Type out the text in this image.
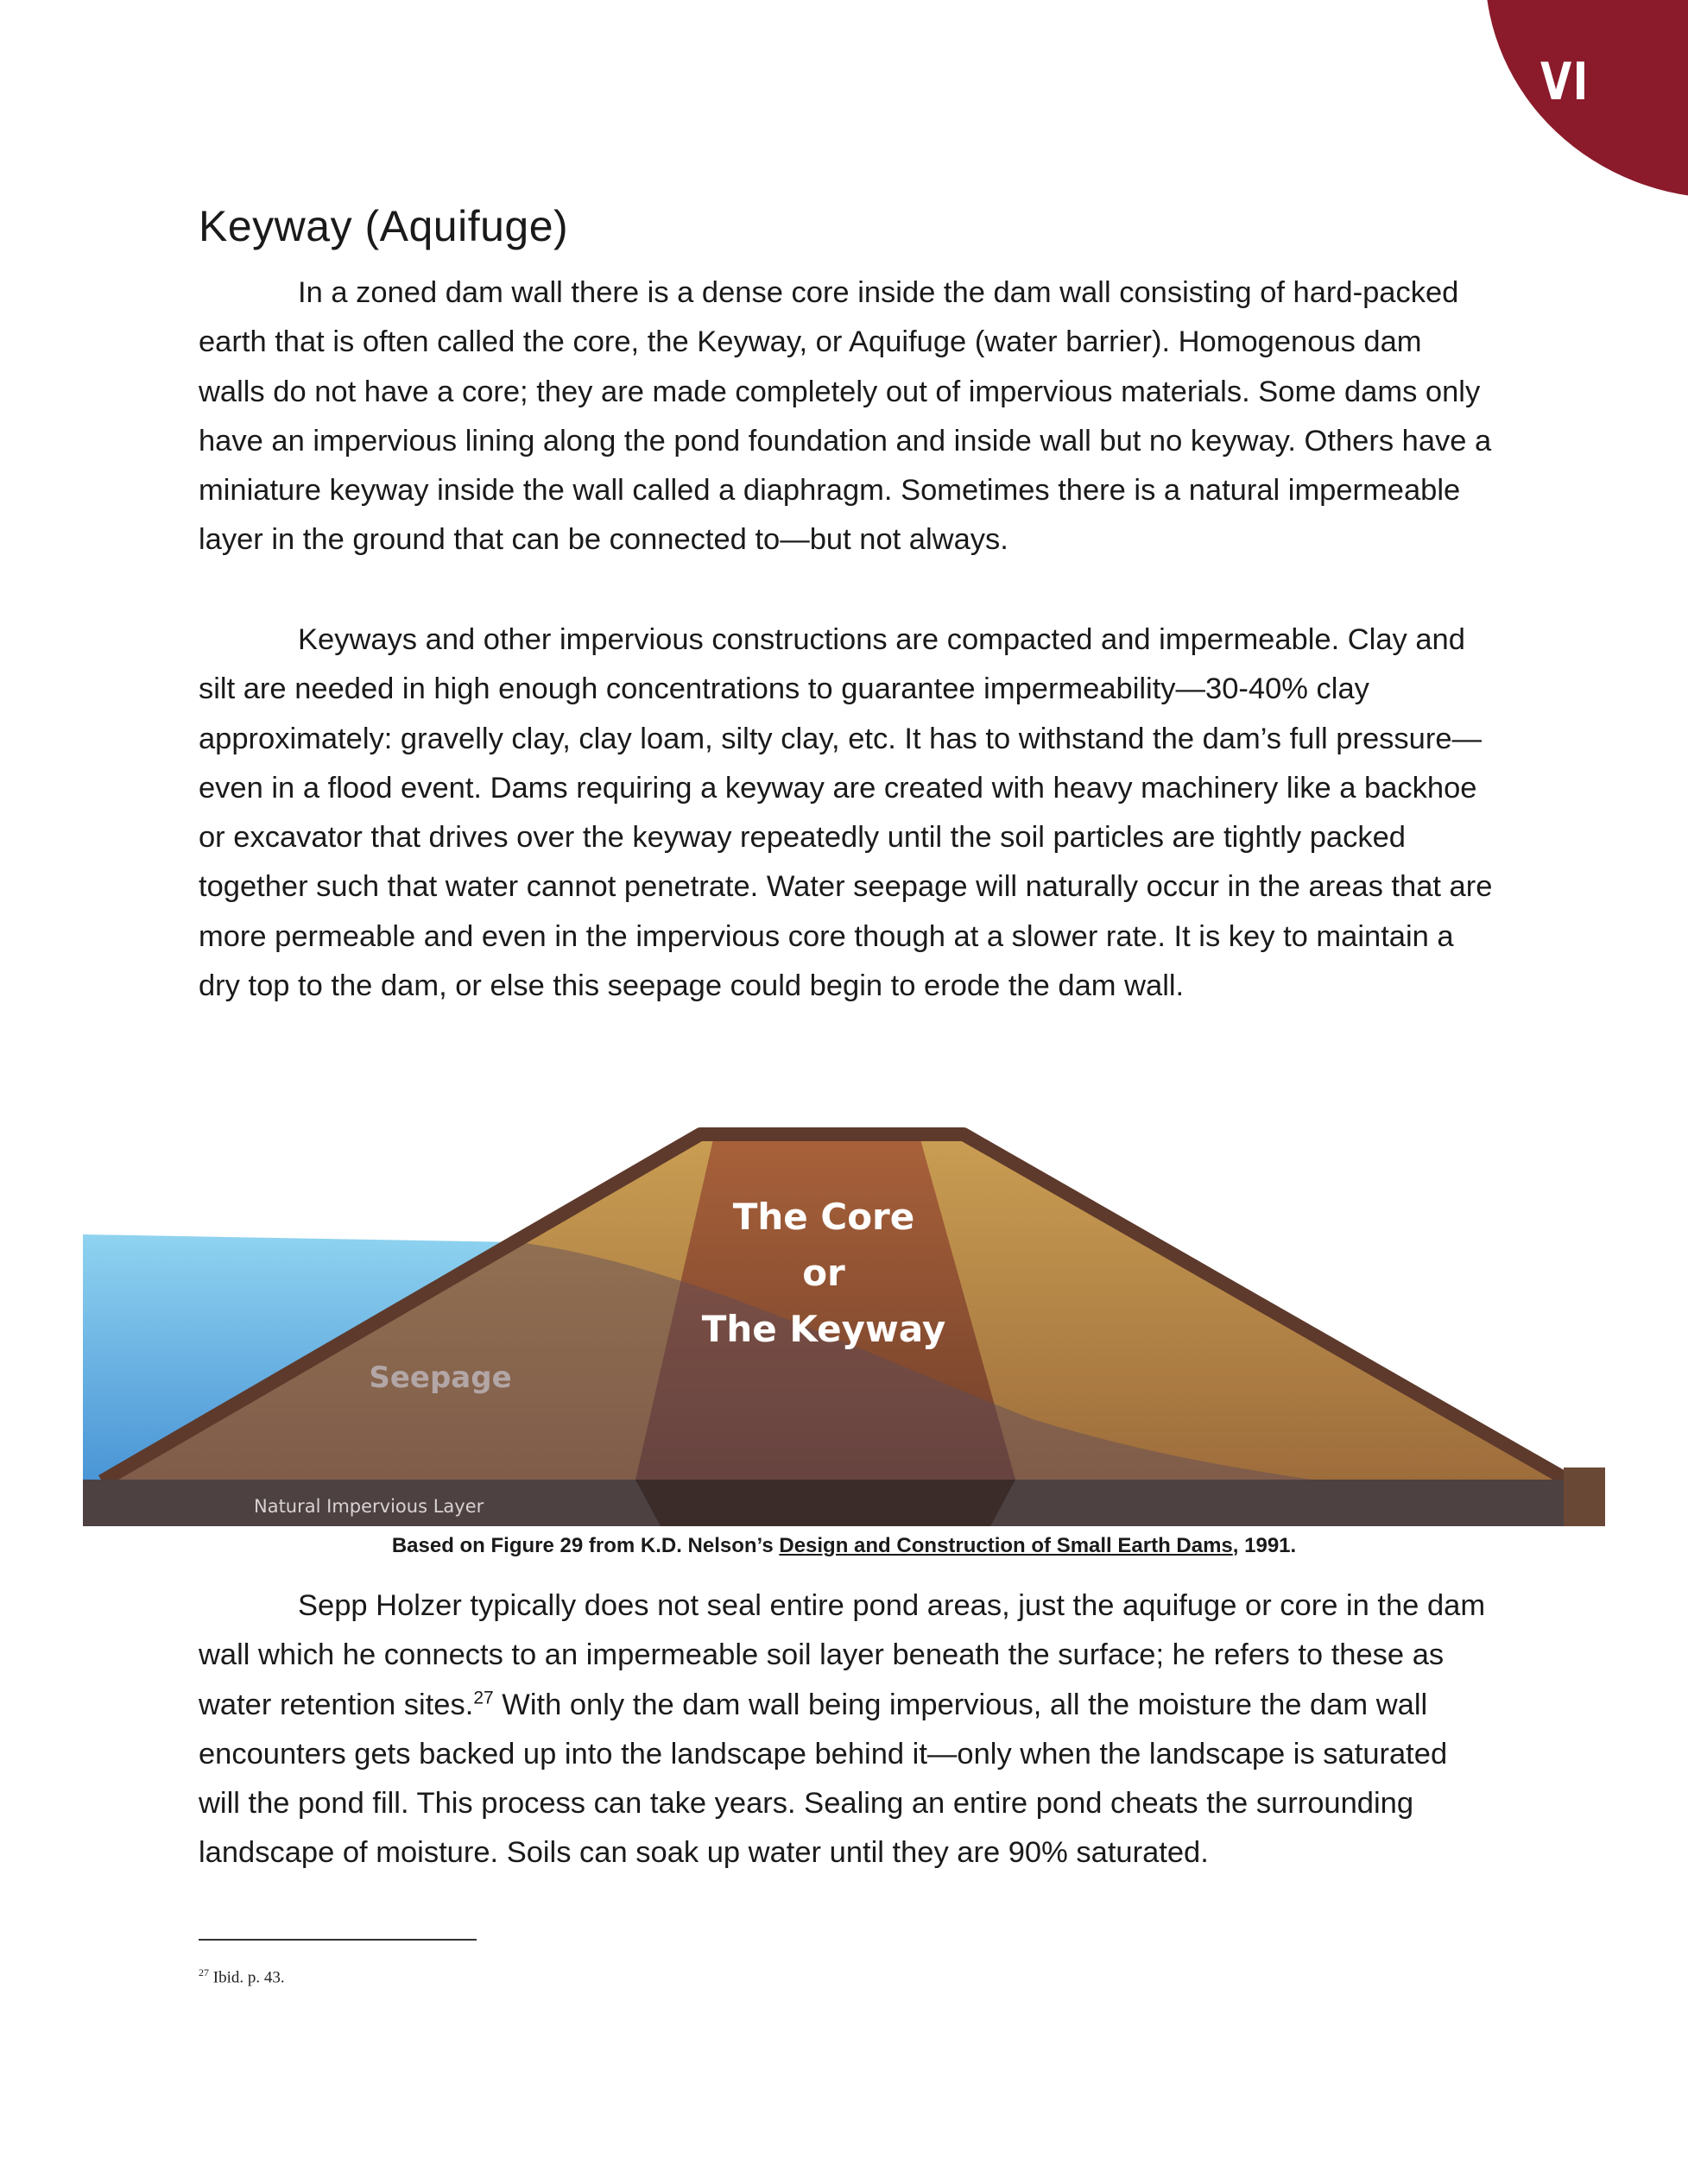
VI
Keyway (Aquifuge)

In a zoned dam wall there is a dense core inside the dam wall consisting of hard-packed earth that is often called the core, the Keyway, or Aquifuge (water barrier). Homogenous dam walls do not have a core; they are made completely out of impervious materials. Some dams only have an impervious lining along the pond foundation and inside wall but no keyway. Others have a miniature keyway inside the wall called a diaphragm. Sometimes there is a natural impermeable layer in the ground that can be connected to—but not always.

Keyways and other impervious constructions are compacted and impermeable. Clay and silt are needed in high enough concentrations to guarantee impermeability—30-40% clay approximately: gravelly clay, clay loam, silty clay, etc. It has to withstand the dam’s full pressure—even in a flood event. Dams requiring a keyway are created with heavy machinery like a backhoe or excavator that drives over the keyway repeatedly until the soil particles are tightly packed together such that water cannot penetrate. Water seepage will naturally occur in the areas that are more permeable and even in the impervious core though at a slower rate. It is key to maintain a dry top to the dam, or else this seepage could begin to erode the dam wall.

The Core
or
The Keyway
Seepage
Natural Impervious Layer
Based on Figure 29 from K.D. Nelson’s Design and Construction of Small Earth Dams, 1991.

Sepp Holzer typically does not seal entire pond areas, just the aquifuge or core in the dam wall which he connects to an impermeable soil layer beneath the surface; he refers to these as water retention sites.$^{27}$ With only the dam wall being impervious, all the moisture the dam wall encounters gets backed up into the landscape behind it—only when the landscape is saturated will the pond fill. This process can take years. Sealing an entire pond cheats the surrounding landscape of moisture. Soils can soak up water until they are 90% saturated.

$^{27}$ Ibid. p. 43.
